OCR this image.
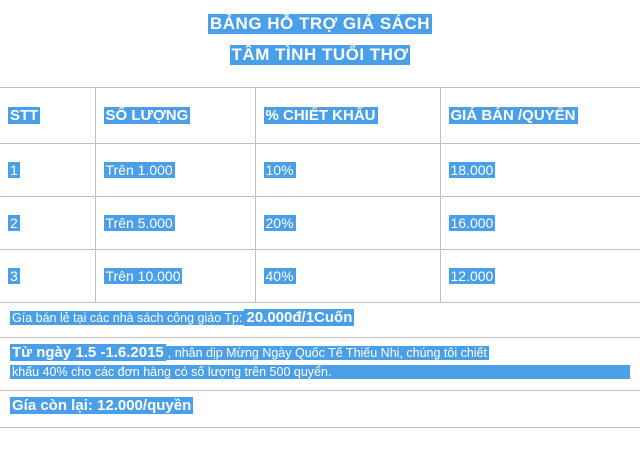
BẢNG HỖ TRỢ GIÁ SÁCH
TÂM TÌNH TUỔI THƠ
STT	SỐ LƯỢNG	% CHIẾT KHẤU	GIÁ BÁN /QUYỂN
1	Trên 1.000	10%	18.000
2	Trên 5.000	20%	16.000
3	Trên 10.000	40%	12.000
Gía bán lẻ tại các nhà sách công giáo Tp: 20.000đ/1Cuốn
Từ ngày 1.5 -1.6.2015 , nhân dịp Mừng Ngày Quốc Tế Thiếu Nhi, chúng tôi chiết
khấu 40% cho các đơn hàng có số lượng trên 500 quyển.
Gía còn lại: 12.000/quyền
